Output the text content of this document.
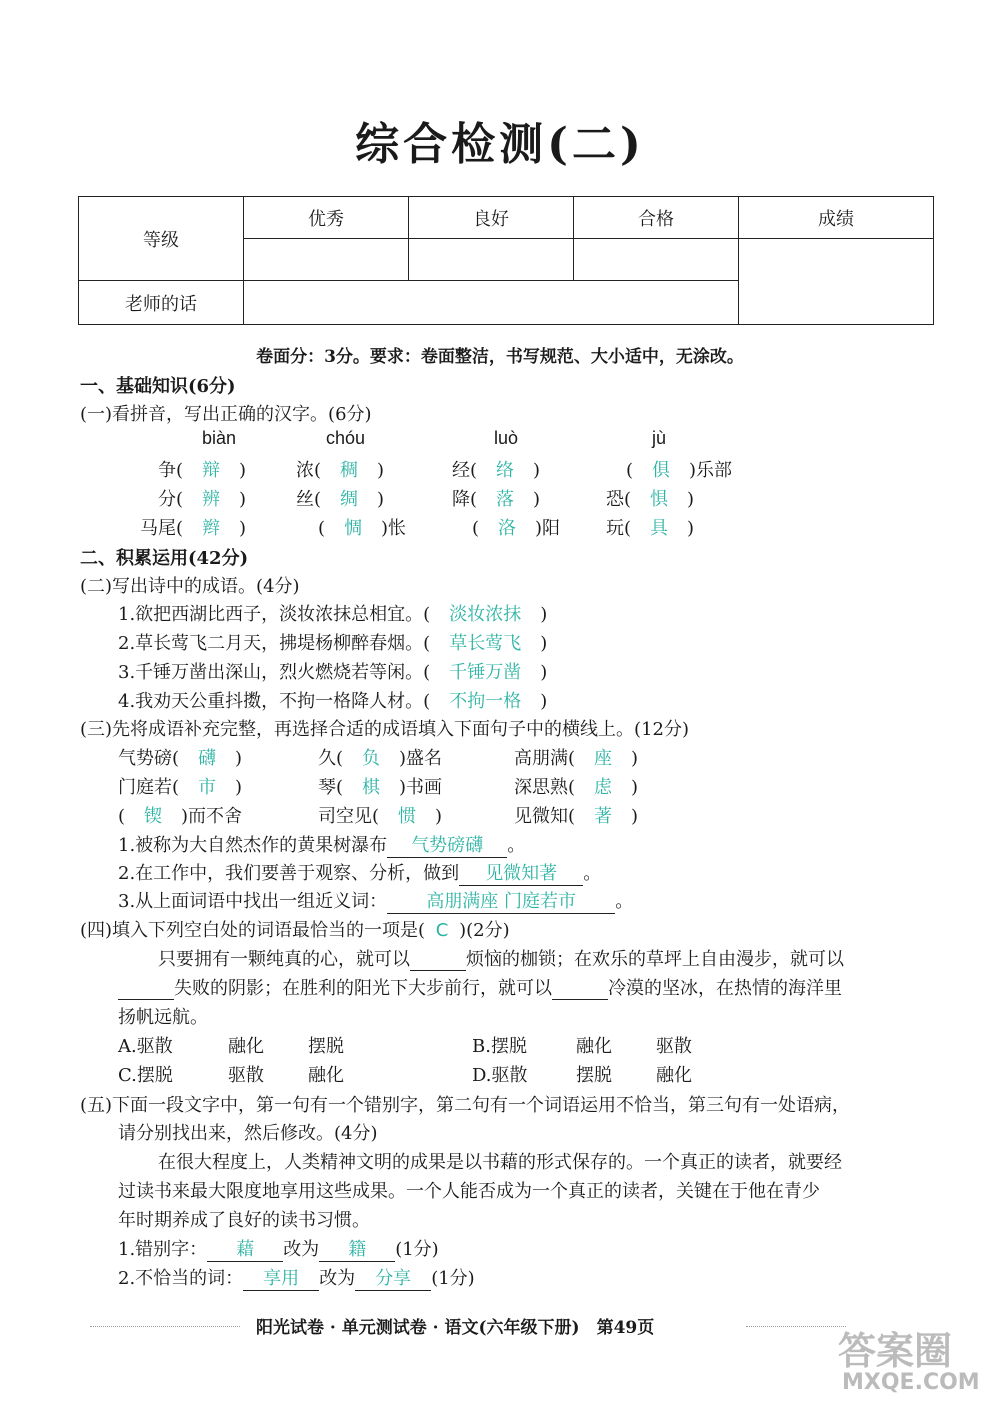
综合检测(二)
等级	优秀	良好	合格	成绩

老师的话				
卷面分：3分。要求：卷面整洁，书写规范、大小适中，无涂改。
一、基础知识(6分)
(一)看拼音，写出正确的汉字。(6分)
biàn	chóu	luò	jù
争( 辩 )	浓( 稠 )	经( 络 )	( 俱 )乐部
分( 辨 )	丝( 绸 )	降( 落 )	恐( 惧 )
马尾( 辫 )	( 惆 )怅	( 洛 )阳	玩( 具 )
二、积累运用(42分)
(二)写出诗中的成语。(4分)
1.欲把西湖比西子，淡妆浓抹总相宜。( 淡妆浓抹 )
2.草长莺飞二月天，拂堤杨柳醉春烟。( 草长莺飞 )
3.千锤万凿出深山，烈火燃烧若等闲。( 千锤万凿 )
4.我劝天公重抖擞，不拘一格降人材。( 不拘一格 )
(三)先将成语补充完整，再选择合适的成语填入下面句子中的横线上。(12分)
气势磅( 礴 )	久( 负 )盛名	高朋满( 座 )
门庭若( 市 )	琴( 棋 )书画	深思熟( 虑 )
( 锲 )而不舍	司空见( 惯 )	见微知( 著 )
1.被称为大自然杰作的黄果树瀑布 气势磅礴 。
2.在工作中，我们要善于观察、分析，做到 见微知著 。
3.从上面词语中找出一组近义词： 高朋满座 门庭若市 。
(四)填入下列空白处的词语最恰当的一项是( C )(2分)
只要拥有一颗纯真的心，就可以	烦恼的枷锁；在欢乐的草坪上自由漫步，就可以
失败的阴影；在胜利的阳光下大步前行，就可以	冷漠的坚冰，在热情的海洋里
扬帆远航。
A.驱散	融化 摆脱	B.摆脱	融化 驱散
C.摆脱	驱散 融化	D.驱散	摆脱 融化
(五)下面一段文字中，第一句有一个错别字，第二句有一个词语运用不恰当，第三句有一处语病，
请分别找出来，然后修改。(4分)
在很大程度上，人类精神文明的成果是以书藉的形式保存的。一个真正的读者，就要经
过读书来最大限度地享用这些成果。一个人能否成为一个真正的读者，关键在于他在青少
年时期养成了良好的读书习惯。
1.错别字： 藉 改为 籍 (1分)
2.不恰当的词： 享用 改为 分享 (1分)
阳光试卷 · 单元测试卷 · 语文(六年级下册)　第49页
答案圈
MXQE.COM
